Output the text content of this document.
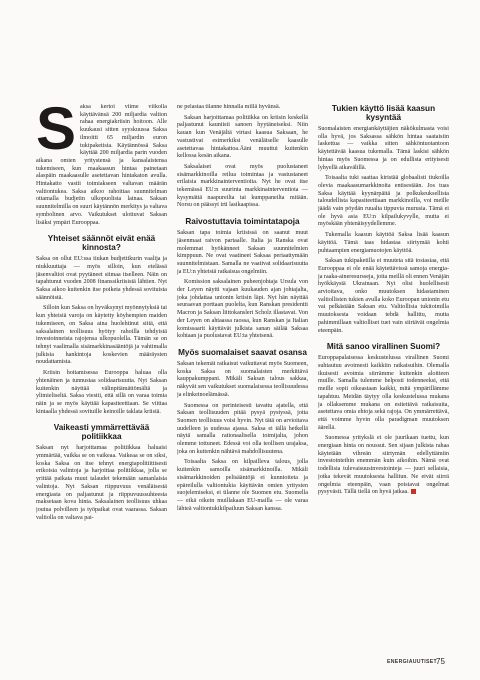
S aksa kertoi viime viikolla käyttävänsä 200 miljardia valtion rahaa energiakriisin hoitoon. Alle kuukausi sitten syyskuussa Saksa ilmoitti 65 miljardin euron tukipaketista. Käytännössä Saksa käyttää 200 miljardia parin vuoden aikana omien yritystensä ja kansalaistensa tukemiseen, kun maakaasun hintaa painetaan alaspäin maakaasulle asetettavan hintakaton avulla. Hintakatto vastii toimiakseen valtavan määrän valtiontukea. Saksa aikoo rahoittaa suunnitelman ottamalla budjetin ulkopuolista lainaa. Saksan suunnitelmilla on suuri käytännön merkitys ja valtava symbolinen arvo. Vaikutukset ulottuvat Saksan lisäksi ympäri Eurooppaa.

Yhteiset säännöt eivät enää kinnosta?

Saksa on ollut EU:ssa tiukan budjettikurin vaalija ja niukkuuttaja — myös silloin, kun etelässä jäsenvaltiot ovat pyytäneet siimaa itselleen. Näin on tapahtunut vuoden 2008 finanssikriisistä lähtien. Nyt Saksa aikoo kuitenkin itse poiketa yhdessä sovituista säännöistä.

Silloin kun Saksa on hyväksynyt myönnytyksiä tai kun yhteisiä varoja on käytetty köyhempien maiden tukemiseen, on Saksa aina huolehtinut siitä, että saksalainen teollisuus hyötyy rahoilla tehdyistä investoinneista rajojensa ulkopuolella. Tämän se on tehnyt vaalimalla sisämarkkinasääntöjä ja vahtimalla julkisia hankintoja koskevien määräysten noudattamista.

Kriisin hoitamisessa Eurooppa haluaa olla yhtenäinen ja tunnustaa solidaarisuutta. Nyt Saksan kuitenkin näyttää välinpitämättömältä ja ylimieliseltä. Saksa viestii, että sillä on varaa toimia näin ja se myös käyttää kapasiteettiaan. Se viittaa kintaalla yhdessä sovituille keinoille taklata kriisiä.

Vaikeasti ymmärrettävää politiikkaa

Saksan nyt harjoittamaa politiikkaa haluaisi ymmärtää, vaikka se on vaikeaa. Vaikeaa se on siksi, koska Saksa on itse tehnyt energiapolitiittisesti erikoisia valintoja ja harjoittaa politiikkaa, jolla se yrittää paikata muut talaudet tekemään samanlaisia valintoja. Nyt Saksan riippuvuus venäläisestä energiasta on paljastunut ja riippuvuussuhteesta maksetaan kova hinta. Saksalainen teollisuus uhkaa joutua polvilleen ja työpaikat ovat vaarassa. Saksan valtiolla on valtava pai-

ne pelastaa tilanne hinnalla millä hyvänsä.

Saksan harjoittamaa politiikka on kriisin keskellä paljastunut kauniisti sanoen hyytäneiseksi. Niin kauan kun Venäjältä virtasi kaasua Saksaan, he vastustivat esimerkiksi venäläiselle kaasulle asetettavaa hintakattoa.Ääni muuttui kuitenkin kellossa kesän aikana.

Saksalaiset ovat myös puolustaneet sisämarkkinoilla reilua toimintaa ja vastustaneet erilaisia markkinainterventioita. Nyt he ovat itse tekemässä EU:n suurinta markkinainterventiota — kysymättä naapureilta tai kumppaneilta mitään. Norsu on päässyt irti lasikaapissa.

Raivostuttavia toimintatapoja

Saksan tapa toimia kriisissä on saanut muut jäsenmaat raivon partaalle. Italia ja Ranska ovat molemmat hyökänneet Saksan suunnitelmien kimppuun. Ne ovat vaatineet Saksaa periaattymään suunnitelmistaan. Samalla ne vaativat solidaarisuutta ja EU:n yhteistä ratkaisua ongelmiin.

Komission saksalainen puheenjohtaja Ursula von der Leyen näytti vajaan kuukauden ajan johtajalta, joka johdattaa unionin kriisin läpi. Nyt hän näyttää seuraavan porttaan puolelta, kun Ranskan presidentti Macron ja Saksan liittokansleri Scholz illastavat. Von der Leyen on ahtaassa raossa, kun Ranskan ja Italian komissaarit käyttävät julkista sanan säilää Saksaa kohtaan ja puolustavat EU:ta yhteisenä.

Myös suomalaiset saavat osansa

Saksan tekemät ratkaisut vaikuttavat myös Suomeen, koska Saksa on suomalaisten merkittävä kauppakumppani. Mikäli Saksan talous sakkaa, näkyvät sen vaikutukset suomalaisessa teollisuudessa ja elinkeinoelämässä.

Suomessa on perinteisesti tavattu ajatella, että Saksan teollisuuden pitää pysyä pystyssä, jotta Suomen teollisuus voisi hyvin. Nyt tätä on arvioitava uudelleen ja uudessa ajassa. Saksa ei tällä hetkellä näytä samalla rationaalisella toimijalta, johon olemme tottuneet. Edessä voi olla teollisen urajaksa, joka on kuitenkin nähtävä mahdollisuutena.

Toisaalta Saksa on kilpailleva talous, jolla kuitenkin samoilla sisämarkkinoilla. Mikäli sisämarkkinoiden pelisääntöjä ei kunnioiteta ja epäreilulla valtiontukia käyttävän omien yritysten suojelemiseksi, ei tilanne ole Suomen etu. Suomella — eikä oikein muillakaan EU-mailla — ole varaa lähteä valtiontukikilpailuun Saksan kanssa.

Tukien käyttö lisää kaasun kysyntää

Suomalaisten energiankäyttäjien näkökulmasta voisi olla hyvä, jos Saksassa sähkön hintaa saataisiin laskettua — vaikka sitten sähköntuotantoon käytettävää kaasua tukemalla. Tämä laskisi sähkön hintaa myös Suomessa ja on edullista erityisesti lyhyellä aikavälillä.

Toisaalta tuki saattaa kiristää globaalisti tiukoilla olevia maakaasumarkkinoita entisestään. Jos tuas Saksa käyttää kyynärpäitä ja polkukeuksellista taloudellista kapasiteettiaan markkinoilla, voi meille jäädä vain pöydän ruualta tippuvia murusia. Tämä ei ole hyvä asia EU:n kilpailukyvylle, mutta ei myöskään yhtenäisyydellemme.

Tukemalla kaasun käyttöä Saksa lisää kaasun käyttöä. Tämä taas hidastaa siirtymää kohti puhtaampien energiamuotojen käyttöä.

Saksan tukipaketilla ei muuteta sitä tosiasiaa, että Eurooppaa ei ole enää käytettävissä samoja energia- ja raaka-aineresursseja, joita meillä oli ennen Venäjän hyökkäystä Ukrainaan. Nyt olisi huolellisesti arvioitava, onko muutoksen hidastaminen valtiollisten tukien avulla koko Euroopan unionin etu vai pelkästään Saksan etu. Valtiollisia tukitoimilla muutoksesta voidaan tebdä hallittu, mutta pahimmillaan valtiolliset tuet vain siirtävät ongelmia eteenpäin.

Mitä sanoo virallinen Suomi?

Europpapalaisessa keskustelussa virallinen Suomi suhtautuu avoimesti kaikkiin ratkaisuihin. Olemalla ikuisesti avoimia siirrämme kuitenkin aloitteen muille. Samalla tulemme helposti todenneeksi, että meille sopii oikeastaan kaikki, mitä ympärillämme tapahtuu. Meidän täytyy olla keskustelussa mukana ja ollaksemme mukana on esitettävä ratkaisuita, asetettava omia ehtoja sekä rajoja. On ymmärrettävä, että voimme hyvin olla paradigman muutoksen äärellä.

Suomessa yritykslä ei ole juurikaan tuettu, kun energiaan hinta on noussut. Sen sijaan julkista rahaa käytetään vihreän siirtymän edellyttämiin investointeihin enemmän kuin aikoihin. Nämä ovat todellisia tulevaisuusinvestointeja — juuri sellaisia, jotka tekevät muutoksesta hallitun. Ne eivät siirrä ongelmia eteenpäin, vaan poistavat ongelmat pysyvästi. Tällä tiellä on hyvä jatkaa.

ENERGIAUUTISET
75
